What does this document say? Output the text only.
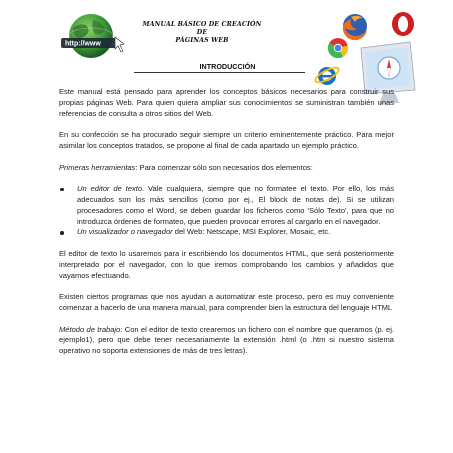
http://www
MANUAL BÁSICO DE CREACIÓN DE
PÁGINAS WEB
INTRODUCCIÓN

Este manual está pensado para aprender los conceptos básicos necesarios para construir sus propias páginas Web. Para quien quiera ampliar sus conocimientos se suministran también unas referencias de consulta a otros sitios del Web.

En su confección se ha procurado seguir siempre un criterio eminentemente práctico. Para mejor asimilar los conceptos tratados, se propone al final de cada apartado un ejemplo práctico.

Primeras herramientas: Para comenzar sólo son necesarios dos elementos:

Un editor de texto. Vale cualquiera, siempre que no formatee el texto. Por ello, los más adecuados son los más sencillos (como por ej., El block de notas de). Si se utilizan procesadores como el Word, se deben guardar los ficheros como 'Sólo Texto', para que no introduzca órdenes de formateo, que pueden provocar errores al cargarlo en el navegador.
Un visualizador o navegador del Web: Netscape, MSI Explorer, Mosaic, etc.

El editor de texto lo usaremos para ir escribiendo los documentos HTML, que será posteriormente interpretado por el navegador, con lo que iremos comprobando los cambios y añadidos que vayamos efectuando.

Existen ciertos programas que nos ayudan a automatizar este proceso, pero es muy conveniente comenzar a hacerlo de una manera manual, para comprender bien la estructura del lenguaje HTML

Método de trabajo: Con el editor de texto crearemos un fichero con el nombre que queramos (p. ej. ejemplo1), pero que debe tener necesariamente la extensión .html (o .htm si nuestro sistema operativo no soporta extensiones de más de tres letras).
